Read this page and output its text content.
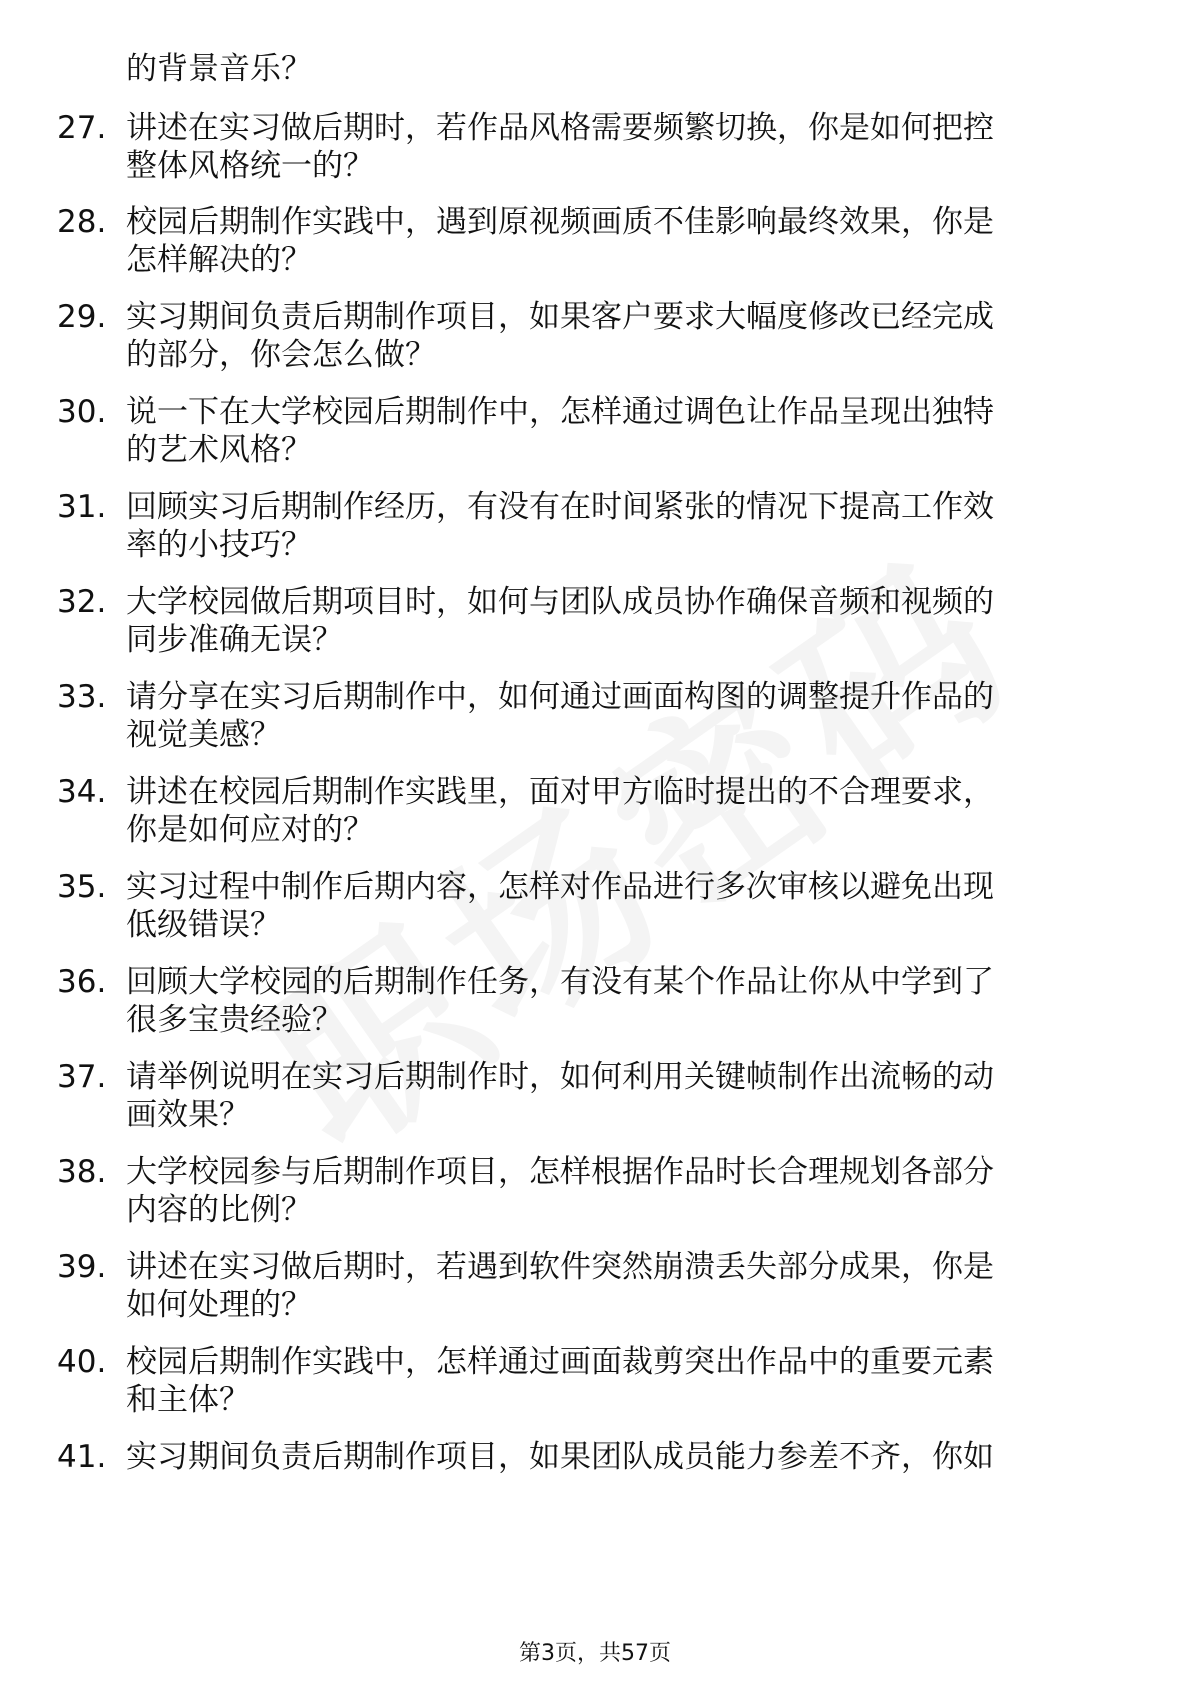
的背景音乐？
27. 讲述在实习做后期时，若作品风格需要频繁切换，你是如何把控
整体风格统一的？
28. 校园后期制作实践中，遇到原视频画质不佳影响最终效果，你是
怎样解决的？
29. 实习期间负责后期制作项目，如果客户要求大幅度修改已经完成
的部分，你会怎么做？
30. 说一下在大学校园后期制作中，怎样通过调色让作品呈现出独特
的艺术风格？
31. 回顾实习后期制作经历，有没有在时间紧张的情况下提高工作效
率的小技巧？
32. 大学校园做后期项目时，如何与团队成员协作确保音频和视频的
同步准确无误？
33. 请分享在实习后期制作中，如何通过画面构图的调整提升作品的
视觉美感？
34. 讲述在校园后期制作实践里，面对甲方临时提出的不合理要求，
你是如何应对的？
35. 实习过程中制作后期内容，怎样对作品进行多次审核以避免出现
低级错误？
36. 回顾大学校园的后期制作任务，有没有某个作品让你从中学到了
很多宝贵经验？
37. 请举例说明在实习后期制作时，如何利用关键帧制作出流畅的动
画效果？
38. 大学校园参与后期制作项目，怎样根据作品时长合理规划各部分
内容的比例？
39. 讲述在实习做后期时，若遇到软件突然崩溃丢失部分成果，你是
如何处理的？
40. 校园后期制作实践中，怎样通过画面裁剪突出作品中的重要元素
和主体？
41. 实习期间负责后期制作项目，如果团队成员能力参差不齐，你如
第3页，共57页
